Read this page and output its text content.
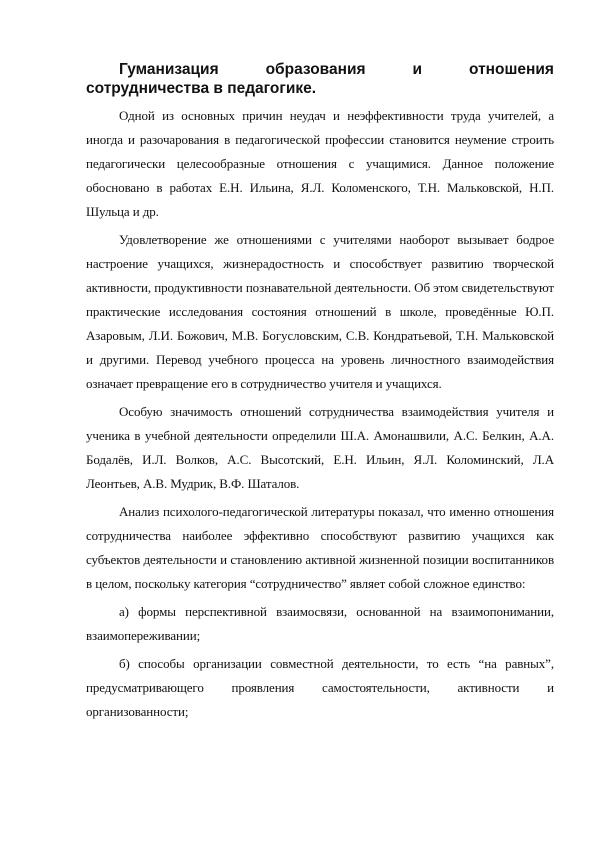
Гуманизация	образования	и	отношения
сотрудничества в педагогике.

Одной из основных причин неудач и неэффективности труда учителей, а иногда и разочарования в педагогической профессии становится неумение строить педагогически целесообразные отношения с учащимися. Данное положение обосновано в работах Е.Н. Ильина, Я.Л. Коломенского, Т.Н. Мальковской, Н.П. Шульца и др.

Удовлетворение же отношениями с учителями наоборот вызывает бодрое настроение учащихся, жизнерадостность и способствует развитию творческой активности, продуктивности познавательной деятельности. Об этом свидетельствуют практические исследования состояния отношений в школе, проведённые Ю.П. Азаровым, Л.И. Божович, М.В. Богусловским, С.В. Кондратьевой, Т.Н. Мальковской и другими. Перевод учебного процесса на уровень личностного взаимодействия означает превращение его в сотрудничество учителя и учащихся.

Особую значимость отношений сотрудничества взаимодействия учителя и ученика в учебной деятельности определили Ш.А. Амонашвили, А.С. Белкин, А.А. Бодалёв, И.Л. Волков, А.С. Высотский, Е.Н. Ильин, Я.Л. Коломинский, Л.А Леонтьев, А.В. Мудрик, В.Ф. Шаталов.

Анализ психолого-педагогической литературы показал, что именно отношения сотрудничества наиболее эффективно способствуют развитию учащихся как субъектов деятельности и становлению активной жизненной позиции воспитанников в целом, поскольку категория “сотрудничество” являет собой сложное единство:

а) формы перспективной взаимосвязи, основанной на взаимопонимании, взаимопереживании;

б) способы организации совместной деятельности, то есть “на равных”, предусматривающего проявления самостоятельности, активности и организованности;
